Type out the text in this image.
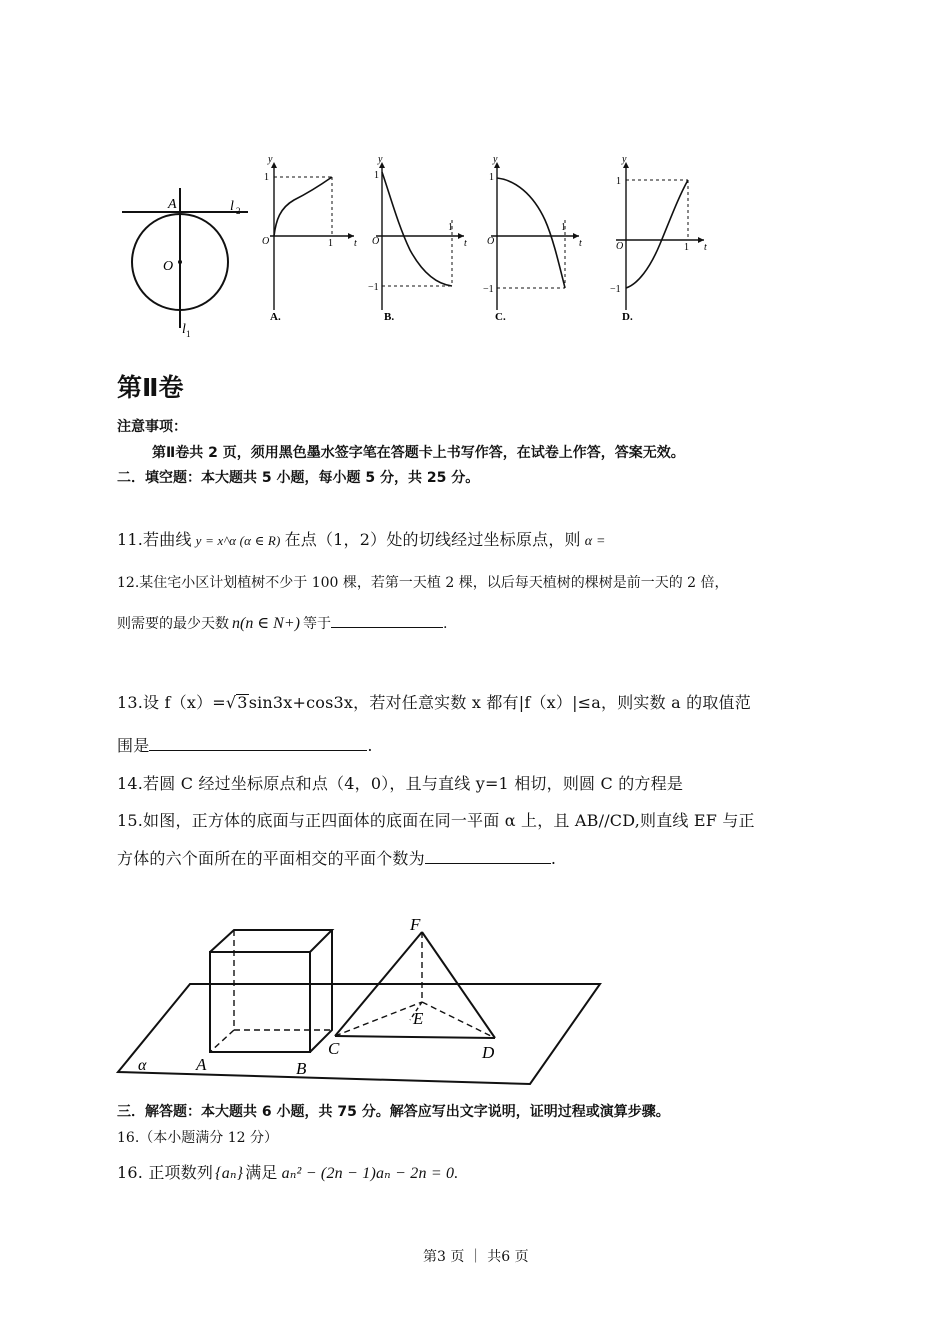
A
O
l 2
l 1
y
1
O	1 t
A.
y
1
O
1
t
−1
B.
y
1
O
1
t
−1
C.
y
1
O	1 t
−1
D.
第Ⅱ卷
注意事项：
第Ⅱ卷共 2 页，须用黑色墨水签字笔在答题卡上书写作答，在试卷上作答，答案无效。
二．填空题：本大题共 5 小题，每小题 5 分，共 25 分。
11.若曲线 y = x^α (α ∈ R) 在点（1，2）处的切线经过坐标原点，则 α =
12.某住宅小区计划植树不少于 100 棵，若第一天植 2 棵，以后每天植树的棵树是前一天的 2 倍，
则需要的最少天数 n(n ∈ N+) 等于	.
13.设 f（x）=√3sin3x+cos3x，若对任意实数 x 都有|f（x）|≤a，则实数 a 的取值范
围是	.
14.若圆 C 经过坐标原点和点（4，0），且与直线 y=1 相切，则圆 C 的方程是
15.如图，正方体的底面与正四面体的底面在同一平面 α 上，且 AB//CD,则直线 EF 与正
方体的六个面所在的平面相交的平面个数为	.
F
E
A	B
C	D
α
三．解答题：本大题共 6 小题，共 75 分。解答应写出文字说明，证明过程或演算步骤。
16.（本小题满分 12 分）
16. 正项数列 {aₙ} 满足 aₙ² − (2n − 1)aₙ − 2n = 0.
第3 页 ｜ 共6 页
